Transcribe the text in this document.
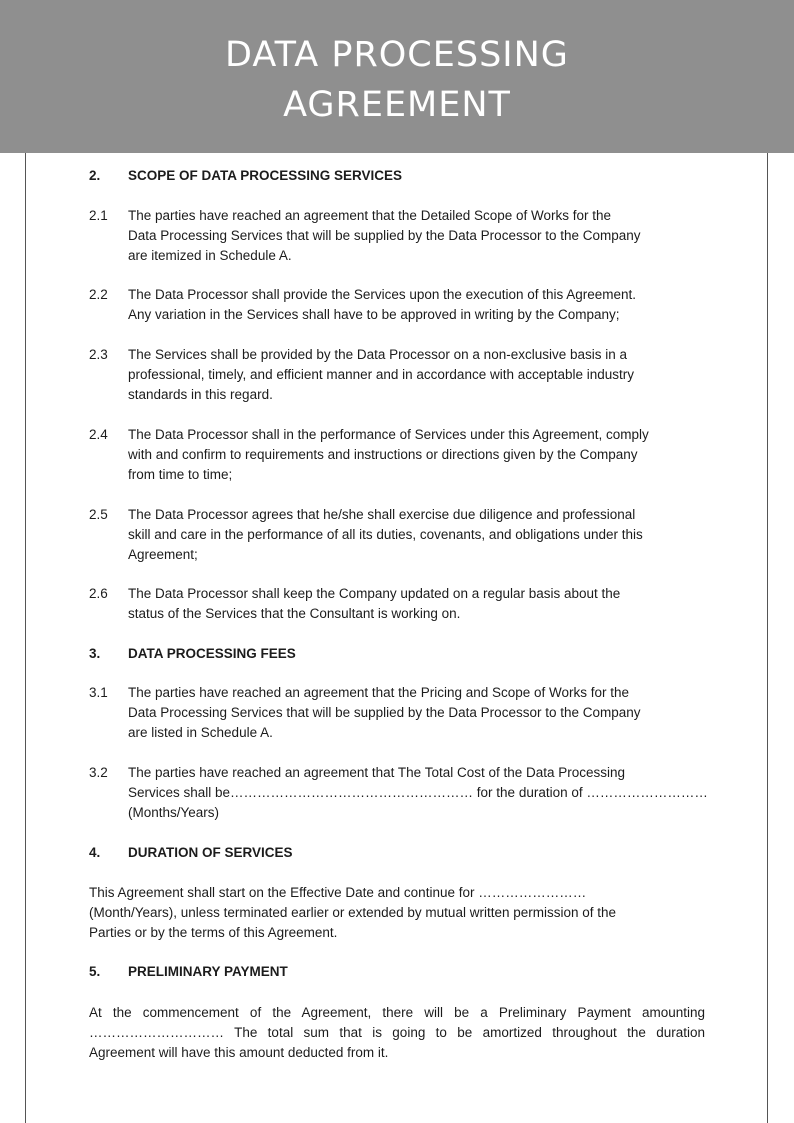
DATA PROCESSING
AGREEMENT
2. SCOPE OF DATA PROCESSING SERVICES
2.1 The parties have reached an agreement that the Detailed Scope of Works for the
Data Processing Services that will be supplied by the Data Processor to the Company
are itemized in Schedule A.
2.2 The Data Processor shall provide the Services upon the execution of this Agreement.
Any variation in the Services shall have to be approved in writing by the Company;
2.3 The Services shall be provided by the Data Processor on a non-exclusive basis in a
professional, timely, and efficient manner and in accordance with acceptable industry
standards in this regard.
2.4 The Data Processor shall in the performance of Services under this Agreement, comply
with and confirm to requirements and instructions or directions given by the Company
from time to time;
2.5 The Data Processor agrees that he/she shall exercise due diligence and professional
skill and care in the performance of all its duties, covenants, and obligations under this
Agreement;
2.6 The Data Processor shall keep the Company updated on a regular basis about the
status of the Services that the Consultant is working on.
3. DATA PROCESSING FEES
3.1 The parties have reached an agreement that the Pricing and Scope of Works for the
Data Processing Services that will be supplied by the Data Processor to the Company
are listed in Schedule A.
3.2 The parties have reached an agreement that The Total Cost of the Data Processing
Services shall be……………………………………………… for the duration of ………………………
(Months/Years)
4. DURATION OF SERVICES
This Agreement shall start on the Effective Date and continue for ……………………
(Month/Years), unless terminated earlier or extended by mutual written permission of the
Parties or by the terms of this Agreement.
5. PRELIMINARY PAYMENT
At the commencement of the Agreement, there will be a Preliminary Payment amounting
………………………… The total sum that is going to be amortized throughout the duration
Agreement will have this amount deducted from it.
